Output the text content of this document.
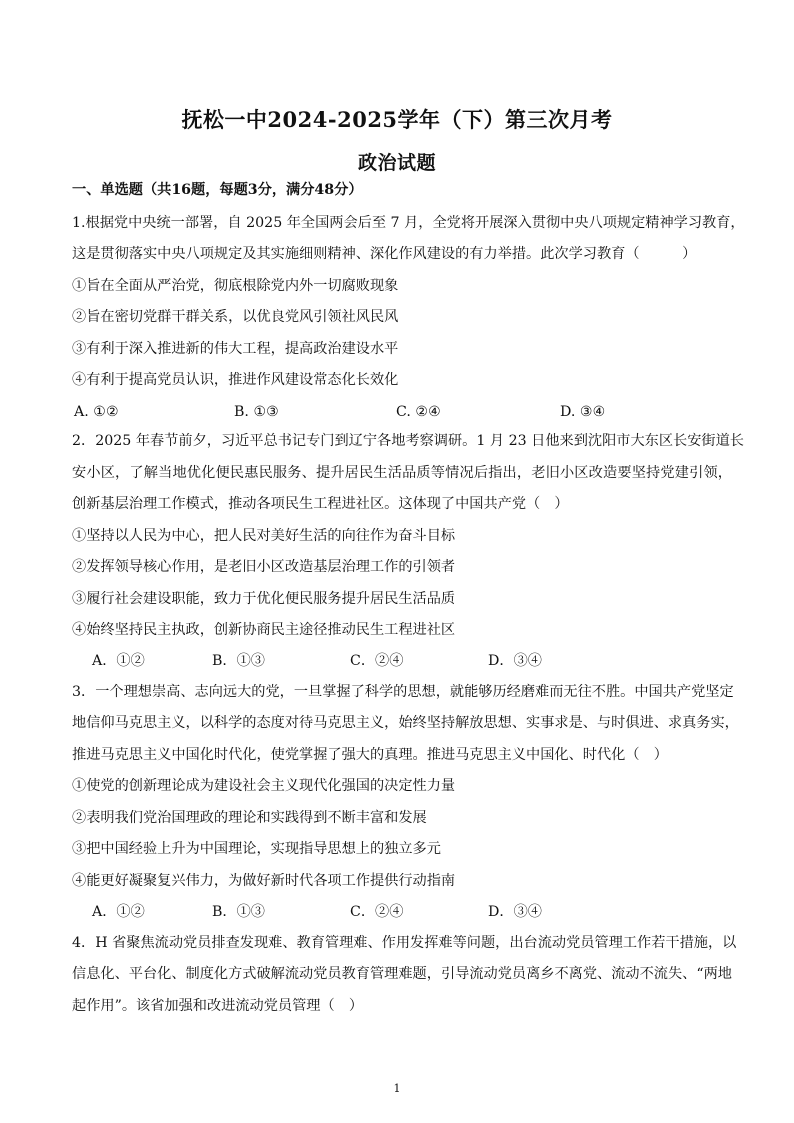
抚松一中2024-2025学年（下）第三次月考
政治试题
一、单选题（共16题，每题3分，满分48分）
1.根据党中央统一部署，自 2025 年全国两会后至 7 月，全党将开展深入贯彻中央八项规定精神学习教育，
这是贯彻落实中央八项规定及其实施细则精神、深化作风建设的有力举措。此次学习教育（　　　）
①旨在全面从严治党，彻底根除党内外一切腐败现象
②旨在密切党群干群关系，以优良党风引领社风民风
③有利于深入推进新的伟大工程，提高政治建设水平
④有利于提高党员认识，推进作风建设常态化长效化
A. ①②	B. ①③	C. ②④	D. ③④
2．2025 年春节前夕，习近平总书记专门到辽宁各地考察调研。1 月 23 日他来到沈阳市大东区长安街道长
安小区，了解当地优化便民惠民服务、提升居民生活品质等情况后指出，老旧小区改造要坚持党建引领，
创新基层治理工作模式，推动各项民生工程进社区。这体现了中国共产党（　）
①坚持以人民为中心，把人民对美好生活的向往作为奋斗目标
②发挥领导核心作用，是老旧小区改造基层治理工作的引领者
③履行社会建设职能，致力于优化便民服务提升居民生活品质
④始终坚持民主执政，创新协商民主途径推动民生工程进社区
A．①②	B．①③	C．②④	D．③④
3．一个理想崇高、志向远大的党，一旦掌握了科学的思想，就能够历经磨难而无往不胜。中国共产党坚定
地信仰马克思主义，以科学的态度对待马克思主义，始终坚持解放思想、实事求是、与时俱进、求真务实，
推进马克思主义中国化时代化，使党掌握了强大的真理。推进马克思主义中国化、时代化（　）
①使党的创新理论成为建设社会主义现代化强国的决定性力量
②表明我们党治国理政的理论和实践得到不断丰富和发展
③把中国经验上升为中国理论，实现指导思想上的独立多元
④能更好凝聚复兴伟力，为做好新时代各项工作提供行动指南
A．①②	B．①③	C．②④	D．③④
4．H 省聚焦流动党员排查发现难、教育管理难、作用发挥难等问题，出台流动党员管理工作若干措施，以
信息化、平台化、制度化方式破解流动党员教育管理难题，引导流动党员离乡不离党、流动不流失、“两地
起作用”。该省加强和改进流动党员管理（　）
1
